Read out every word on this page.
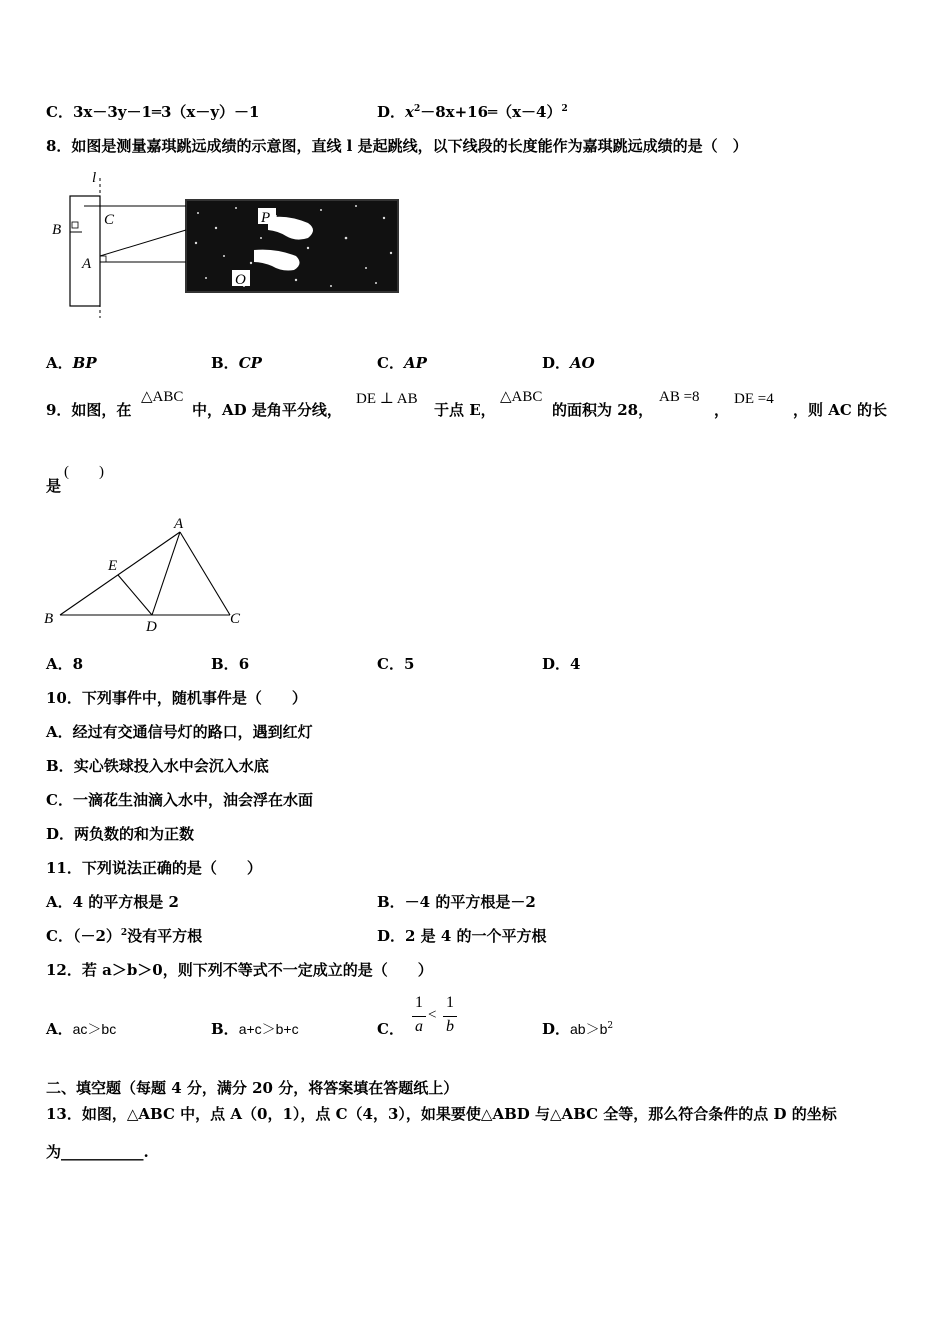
C．3x－3y－1═3（x－y）－1	D．$x^2-8x+16═(x-4)^2$
8．如图是测量嘉琪跳远成绩的示意图，直线 l 是起跳线，以下线段的长度能作为嘉琪跳远成绩的是（　）
l
B
C
A
P
O
A．BP	B．CP	C．AP	D．AO
9．如图，在
△ABC
中，AD 是角平分线，
DE ⊥ AB
于点 E，
△ABC
的面积为 28，
AB =8
，
DE =4
，则 AC 的长
是
(　　)
A
E
B	D	C
A．8	B．6	C．5	D．4
10．下列事件中，随机事件是（　　）
A．经过有交通信号灯的路口，遇到红灯
B．实心铁球投入水中会沉入水底
C．一滴花生油滴入水中，油会浮在水面
D．两负数的和为正数
11．下列说法正确的是（　　）
A．4 的平方根是 2	B．－4 的平方根是－2
C．$(-2)^2$没有平方根	D．2 是 4 的一个平方根
12．若 a＞b＞0，则下列不等式不一定成立的是（　　）
A．ac＞bc	B．a+c＞b+c	C．
1
a
<
1
b	D．$ab>b^2$
二、填空题（每题 4 分，满分 20 分，将答案填在答题纸上）
13．如图，△ABC 中，点 A（0，1），点 C（4，3），如果要使△ABD 与△ABC 全等，那么符合条件的点 D 的坐标
为___________.
